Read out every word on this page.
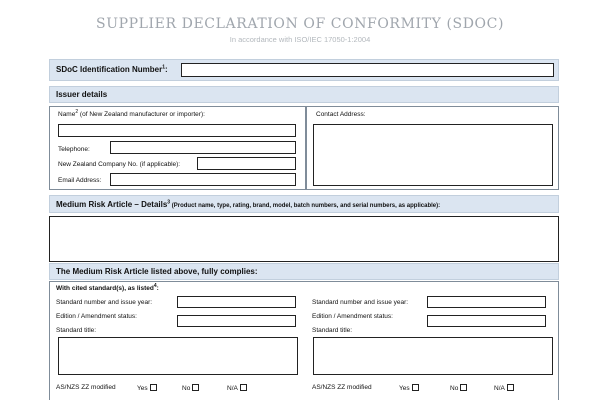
SUPPLIER DECLARATION OF CONFORMITY (SDOC)
In accordance with ISO/IEC 17050-1:2004
SDoC Identification Number$^1$:
Issuer details
Name$^2$ (of New Zealand manufacturer or importer):
Telephone:
New Zealand Company No. (if applicable):
Email Address:
Contact Address:
Medium Risk Article – Details$^3$ (Product name, type, rating, brand, model, batch numbers, and serial numbers, as applicable):
The Medium Risk Article listed above, fully complies:
With cited standard(s), as listed$^4$:
Standard number and issue year:
Edition / Amendment status:
Standard title:
AS/NZS ZZ modified	Yes	No	N/A
Standard number and issue year:
Edition / Amendment status:
Standard title:
AS/NZS ZZ modified	Yes	No	N/A
